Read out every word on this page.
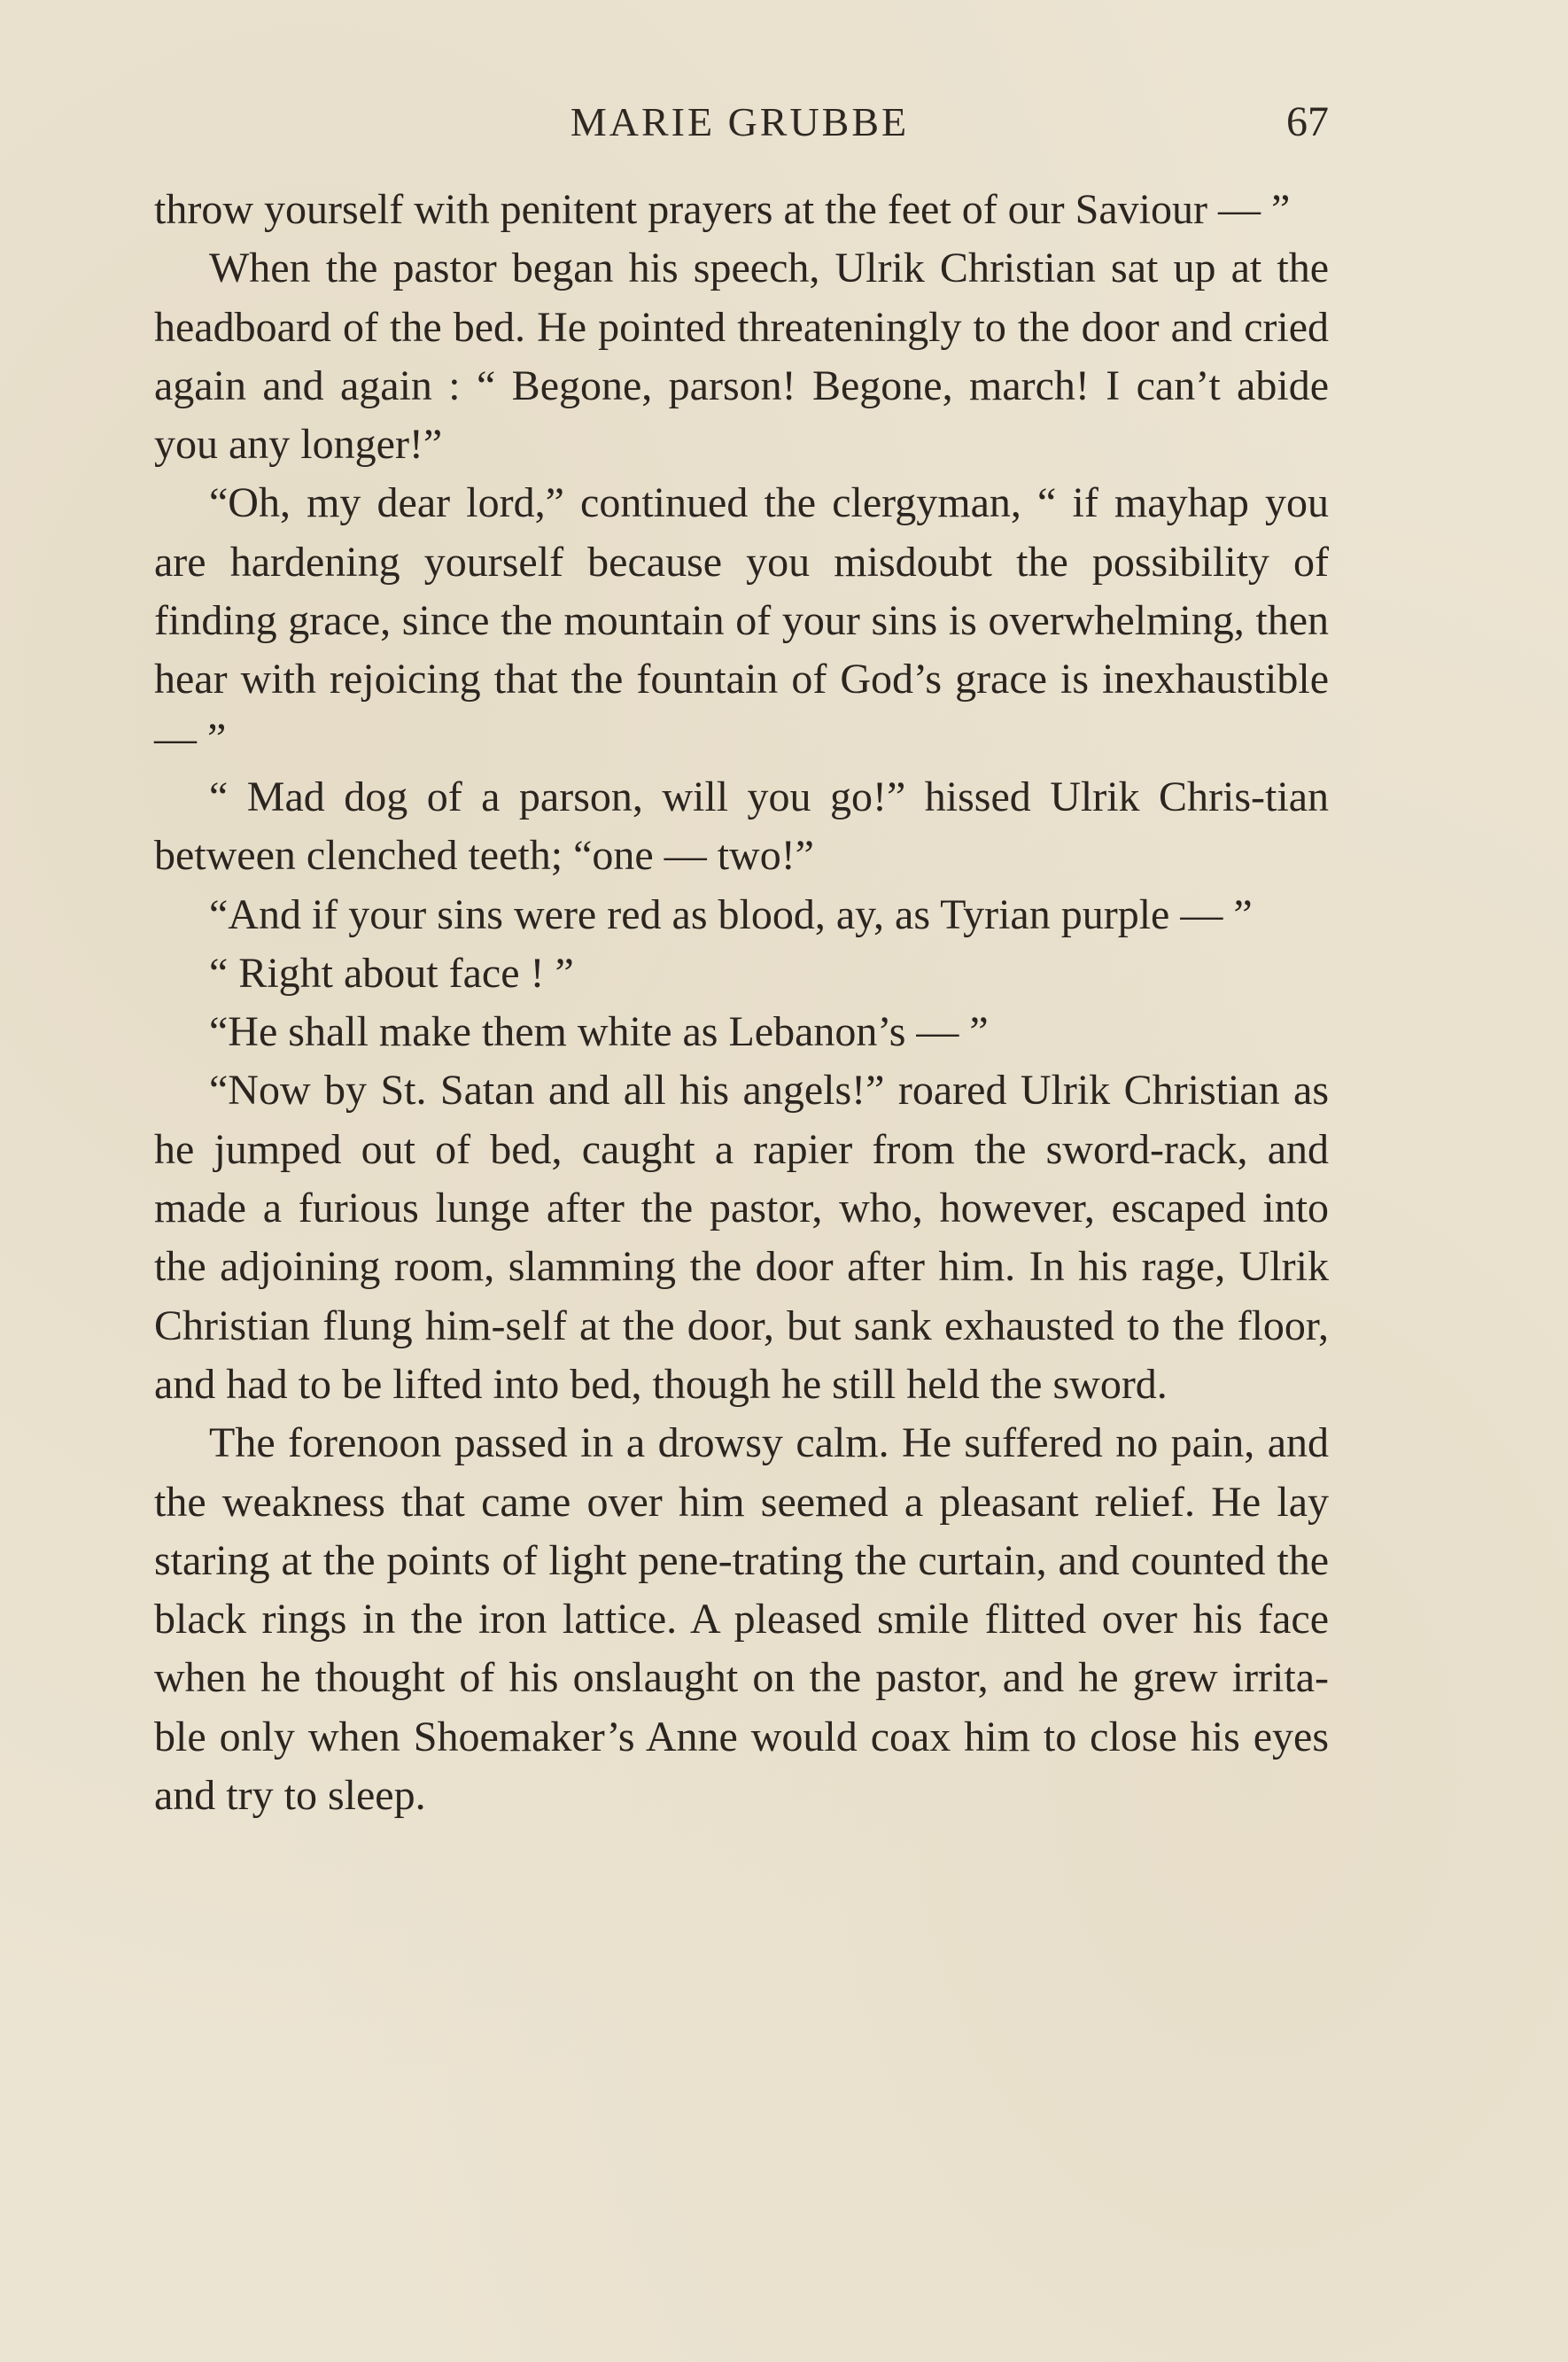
MARIE GRUBBE	67

throw yourself with penitent prayers at the feet of our Saviour — ”

When the pastor began his speech, Ulrik Christian sat up at the headboard of the bed. He pointed threateningly to the door and cried again and again : “ Begone, parson! Begone, march! I can’t abide you any longer!”

“Oh, my dear lord,” continued the clergyman, “ if mayhap you are hardening yourself because you misdoubt the possibility of finding grace, since the mountain of your sins is overwhelming, then hear with rejoicing that the fountain of God’s grace is inexhaustible — ”

“ Mad dog of a parson, will you go!” hissed Ulrik Chris-tian between clenched teeth; “one — two!”

“And if your sins were red as blood, ay, as Tyrian purple — ”

“ Right about face ! ”

“He shall make them white as Lebanon’s — ”

“Now by St. Satan and all his angels!” roared Ulrik Christian as he jumped out of bed, caught a rapier from the sword-rack, and made a furious lunge after the pastor, who, however, escaped into the adjoining room, slamming the door after him. In his rage, Ulrik Christian flung him-self at the door, but sank exhausted to the floor, and had to be lifted into bed, though he still held the sword.

The forenoon passed in a drowsy calm. He suffered no pain, and the weakness that came over him seemed a pleasant relief. He lay staring at the points of light pene-trating the curtain, and counted the black rings in the iron lattice. A pleased smile flitted over his face when he thought of his onslaught on the pastor, and he grew irrita-ble only when Shoemaker’s Anne would coax him to close his eyes and try to sleep.
